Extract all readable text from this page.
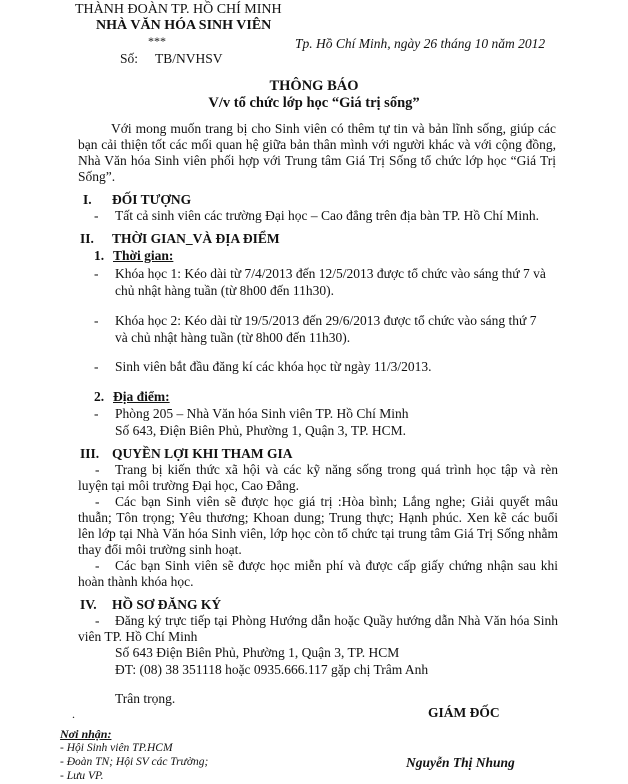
THÀNH ĐOÀN TP. HỒ CHÍ MINH
NHÀ VĂN HÓA SINH VIÊN
***
Số: TB/NVHSV
Tp. Hồ Chí Minh, ngày 26 tháng 10 năm 2012
THÔNG BÁO
V/v tổ chức lớp học “Giá trị sống”
Với mong muốn trang bị cho Sinh viên có thêm tự tin và bản lĩnh sống, giúp các bạn cải thiện tốt các mối quan hệ giữa bản thân mình với người khác và với cộng đồng, Nhà Văn hóa Sinh viên phối hợp với Trung tâm Giá Trị Sống tổ chức lớp học “Giá Trị Sống”.
I. ĐỐI TƯỢNG
- Tất cả sinh viên các trường Đại học – Cao đẳng trên địa bàn TP. Hồ Chí Minh.
II. THỜI GIAN_VÀ ĐỊA ĐIỂM
1. Thời gian:
- Khóa học 1: Kéo dài từ 7/4/2013 đến 12/5/2013 được tổ chức vào sáng thứ 7 và
chủ nhật hàng tuần (từ 8h00 đến 11h30).
- Khóa học 2: Kéo dài từ 19/5/2013 đến 29/6/2013 được tổ chức vào sáng thứ 7
và chủ nhật hàng tuần (từ 8h00 đến 11h30).
- Sinh viên bắt đầu đăng kí các khóa học từ ngày 11/3/2013.
2. Địa điểm:
- Phòng 205 – Nhà Văn hóa Sinh viên TP. Hồ Chí Minh
Số 643, Điện Biên Phủ, Phường 1, Quận 3, TP. HCM.
III. QUYỀN LỢI KHI THAM GIA
-	Trang bị kiến thức xã hội và các kỹ năng sống trong quá trình học tập và rèn luyện tại môi trường Đại học, Cao Đẳng.
-	Các bạn Sinh viên sẽ được học giá trị :Hòa bình; Lắng nghe; Giải quyết mâu thuẫn; Tôn trọng; Yêu thương; Khoan dung; Trung thực; Hạnh phúc. Xen kẽ các buổi lên lớp tại Nhà Văn hóa Sinh viên, lớp học còn tổ chức tại trung tâm Giá Trị Sống nhằm thay đổi môi trường sinh hoạt.
-	Các bạn Sinh viên sẽ được học miễn phí và được cấp giấy chứng nhận sau khi hoàn thành khóa học.
IV. HỒ SƠ ĐĂNG KÝ
-	Đăng ký trực tiếp tại Phòng Hướng dẫn hoặc Quầy hướng dẫn Nhà Văn hóa Sinh viên TP. Hồ Chí Minh
Số 643 Điện Biên Phủ, Phường 1, Quận 3, TP. HCM
ĐT: (08) 38 351118 hoặc 0935.666.117 gặp chị Trâm Anh
Trân trọng.
.	GIÁM ĐỐC
Nguyễn Thị Nhung
Nơi nhận:
- Hội Sinh viên TP.HCM
- Đoàn TN; Hội SV các Trường;
- Lưu VP.
